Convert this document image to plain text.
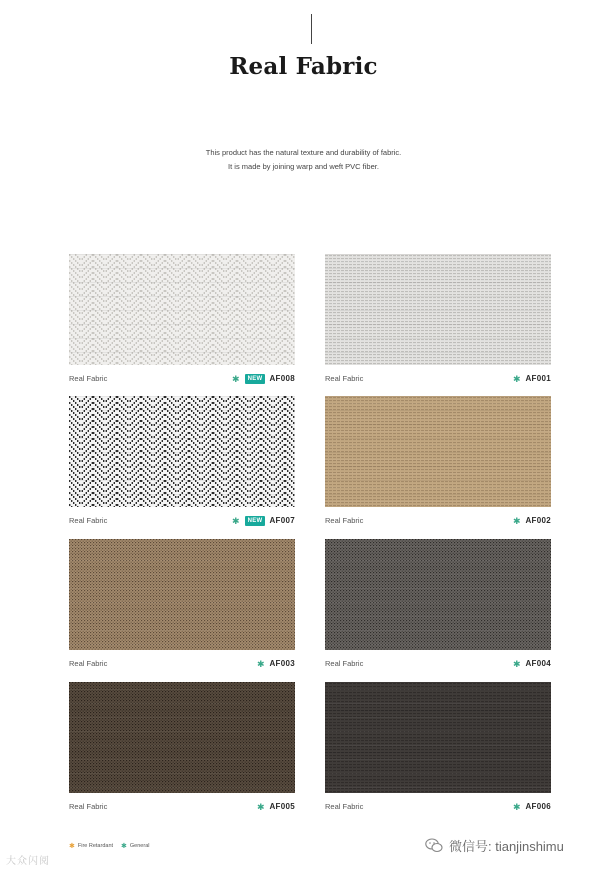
Real Fabric
This product has the natural texture and durability of fabric.
It is made by joining warp and weft PVC fiber.
Real Fabric	✱	NEW AF008	Real Fabric	✱ AF001
Real Fabric	✱	NEW AF007	Real Fabric	✱ AF002
Real Fabric	✱ AF003	Real Fabric	✱ AF004
Real Fabric	✱ AF005	Real Fabric	✱ AF006
✱ Fire Retardant ✱ General
大众闪阅
微信号: tianjinshimu
